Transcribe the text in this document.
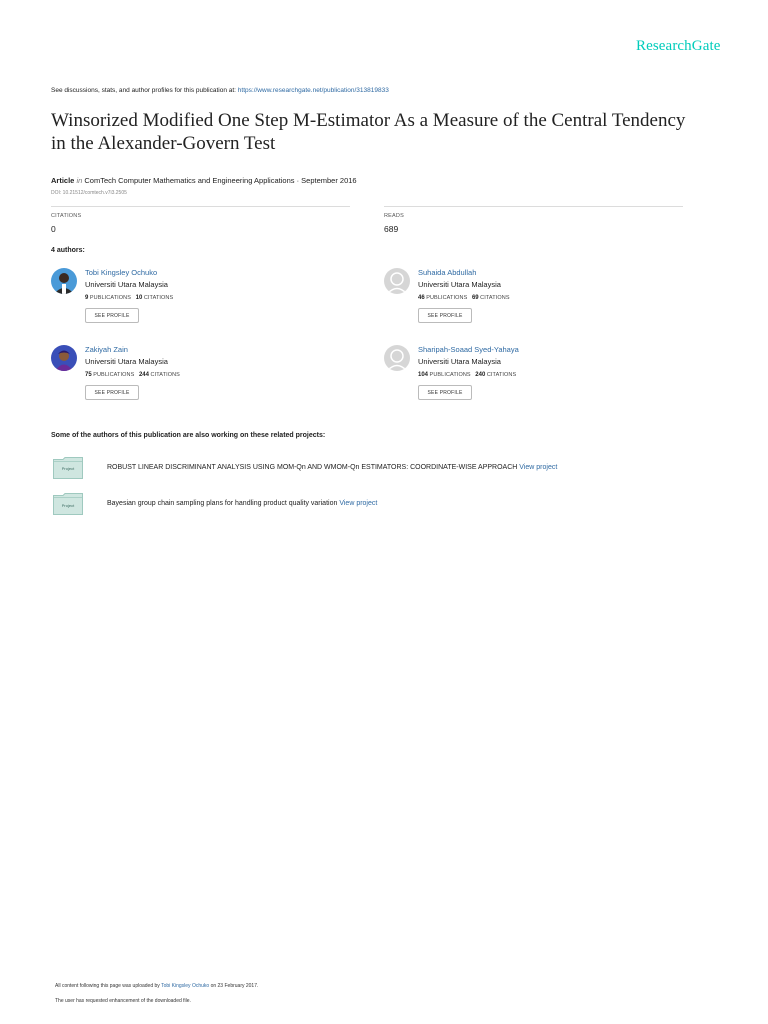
ResearchGate
See discussions, stats, and author profiles for this publication at: https://www.researchgate.net/publication/313819833
Winsorized Modified One Step M-Estimator As a Measure of the Central Tendency in the Alexander-Govern Test
Article in ComTech Computer Mathematics and Engineering Applications · September 2016
DOI: 10.21512/comtech.v7i3.2505
CITATIONS
0
READS
689
4 authors:
Tobi Kingsley Ochuko
Universiti Utara Malaysia
9 PUBLICATIONS 10 CITATIONS
SEE PROFILE
Suhaida Abdullah
Universiti Utara Malaysia
46 PUBLICATIONS 69 CITATIONS
SEE PROFILE
Zakiyah Zain
Universiti Utara Malaysia
75 PUBLICATIONS 244 CITATIONS
SEE PROFILE
Sharipah-Soaad Syed-Yahaya
Universiti Utara Malaysia
104 PUBLICATIONS 240 CITATIONS
SEE PROFILE
Some of the authors of this publication are also working on these related projects:
Project	ROBUST LINEAR DISCRIMINANT ANALYSIS USING MOM-Qn AND WMOM-Qn ESTIMATORS: COORDINATE-WISE APPROACH View project
Project	Bayesian group chain sampling plans for handling product quality variation View project
All content following this page was uploaded by Tobi Kingsley Ochuko on 23 February 2017.
The user has requested enhancement of the downloaded file.
